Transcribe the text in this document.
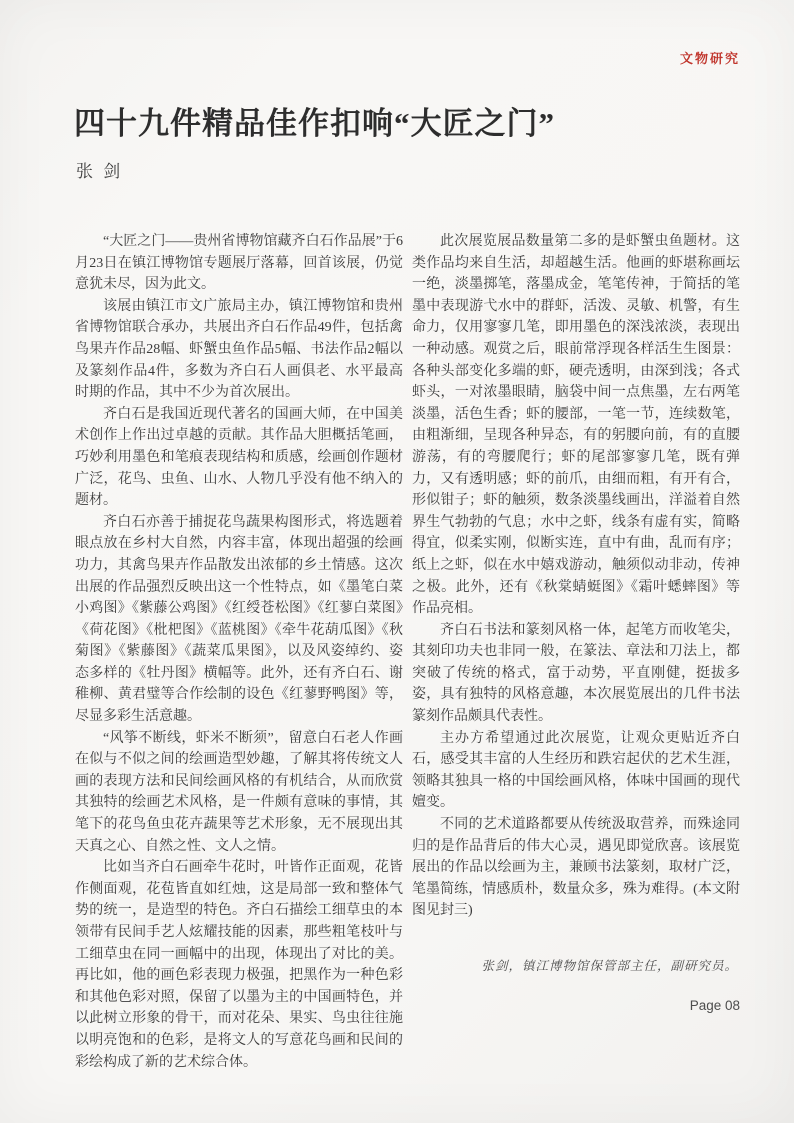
文物研究
四十九件精品佳作扣响“大匠之门”
张 剑

“大匠之门——贵州省博物馆藏齐白石作品展”于6月23日在镇江博物馆专题展厅落幕，回首该展，仍觉意犹未尽，因为此文。

该展由镇江市文广旅局主办，镇江博物馆和贵州省博物馆联合承办，共展出齐白石作品49件，包括禽鸟果卉作品28幅、虾蟹虫鱼作品5幅、书法作品2幅以及篆刻作品4件，多数为齐白石人画俱老、水平最高时期的作品，其中不少为首次展出。

齐白石是我国近现代著名的国画大师，在中国美术创作上作出过卓越的贡献。其作品大胆概括笔画，巧妙利用墨色和笔痕表现结构和质感，绘画创作题材广泛，花鸟、虫鱼、山水、人物几乎没有他不纳入的题材。

齐白石亦善于捕捉花鸟蔬果构图形式，将选题着眼点放在乡村大自然，内容丰富，体现出超强的绘画功力，其禽鸟果卉作品散发出浓郁的乡土情感。这次出展的作品强烈反映出这一个性特点，如《墨笔白菜小鸡图》《紫藤公鸡图》《红绶苍松图》《红蓼白菜图》《荷花图》《枇杷图》《蓝桃图》《牵牛花葫瓜图》《秋菊图》《紫藤图》《蔬菜瓜果图》，以及风姿绰约、姿态多样的《牡丹图》横幅等。此外，还有齐白石、谢稚柳、黄君璧等合作绘制的设色《红蓼野鸭图》等，尽显多彩生活意趣。

“风筝不断线，虾米不断须”，留意白石老人作画在似与不似之间的绘画造型妙趣，了解其将传统文人画的表现方法和民间绘画风格的有机结合，从而欣赏其独特的绘画艺术风格，是一件颇有意味的事情，其笔下的花鸟鱼虫花卉蔬果等艺术形象，无不展现出其天真之心、自然之性、文人之情。

比如当齐白石画牵牛花时，叶皆作正面观，花皆作侧面观，花苞皆直如红烛，这是局部一致和整体气势的统一，是造型的特色。齐白石描绘工细草虫的本领带有民间手艺人炫耀技能的因素，那些粗笔枝叶与工细草虫在同一画幅中的出现，体现出了对比的美。再比如，他的画色彩表现力极强，把黑作为一种色彩和其他色彩对照，保留了以墨为主的中国画特色，并以此树立形象的骨干，而对花朵、果实、鸟虫往往施以明亮饱和的色彩，是将文人的写意花鸟画和民间的彩绘构成了新的艺术综合体。

此次展览展品数量第二多的是虾蟹虫鱼题材。这类作品均来自生活，却超越生活。他画的虾堪称画坛一绝，淡墨掷笔，落墨成金，笔笔传神，于简括的笔墨中表现游弋水中的群虾，活泼、灵敏、机警，有生命力，仅用寥寥几笔，即用墨色的深浅浓淡，表现出一种动感。观赏之后，眼前常浮现各样活生生图景：各种头部变化多端的虾，硬壳透明，由深到浅；各式虾头，一对浓墨眼睛，脑袋中间一点焦墨，左右两笔淡墨，活色生香；虾的腰部，一笔一节，连续数笔，由粗渐细，呈现各种异态，有的躬腰向前，有的直腰游荡，有的弯腰爬行；虾的尾部寥寥几笔，既有弹力，又有透明感；虾的前爪，由细而粗，有开有合，形似钳子；虾的触须，数条淡墨线画出，洋溢着自然界生气勃勃的气息；水中之虾，线条有虚有实，简略得宜，似柔实刚，似断实连，直中有曲，乱而有序；纸上之虾，似在水中嬉戏游动，触须似动非动，传神之极。此外，还有《秋棠蜻蜓图》《霜叶蟋蟀图》等作品亮相。

齐白石书法和篆刻风格一体，起笔方而收笔尖，其刻印功夫也非同一般，在篆法、章法和刀法上，都突破了传统的格式，富于动势，平直刚健，挺拔多姿，具有独特的风格意趣，本次展览展出的几件书法篆刻作品颇具代表性。

主办方希望通过此次展览，让观众更贴近齐白石，感受其丰富的人生经历和跌宕起伏的艺术生涯，领略其独具一格的中国绘画风格，体味中国画的现代嬗变。

不同的艺术道路都要从传统汲取营养，而殊途同归的是作品背后的伟大心灵，遇见即觉欣喜。该展览展出的作品以绘画为主，兼顾书法篆刻，取材广泛，笔墨简练，情感质朴，数量众多，殊为难得。(本文附图见封三)

张剑，镇江博物馆保管部主任，副研究员。
Page 08
